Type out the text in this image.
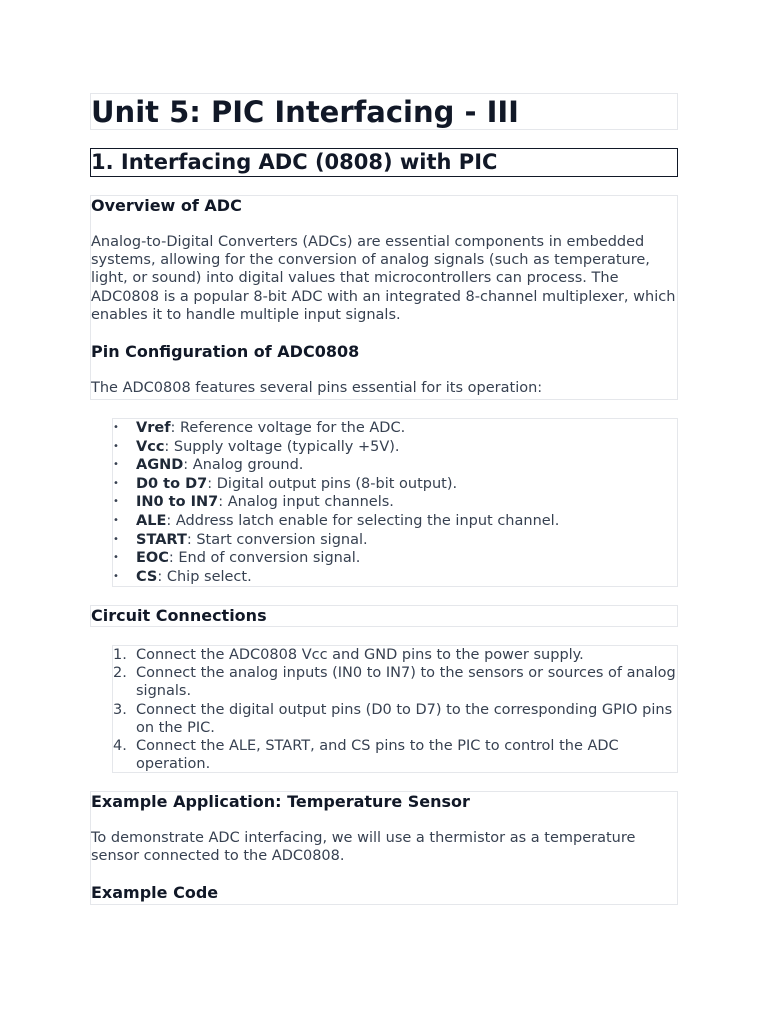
Unit 5: PIC Interfacing - III
1. Interfacing ADC (0808) with PIC
Overview of ADC

Analog-to-Digital Converters (ADCs) are essential components in embedded systems, allowing for the conversion of analog signals (such as temperature, light, or sound) into digital values that microcontrollers can process. The ADC0808 is a popular 8-bit ADC with an integrated 8-channel multiplexer, which enables it to handle multiple input signals.

Pin Configuration of ADC0808

The ADC0808 features several pins essential for its operation:

• Vref: Reference voltage for the ADC.
• Vcc: Supply voltage (typically +5V).
• AGND: Analog ground.
• D0 to D7: Digital output pins (8-bit output).
• IN0 to IN7: Analog input channels.
• ALE: Address latch enable for selecting the input channel.
• START: Start conversion signal.
• EOC: End of conversion signal.
• CS: Chip select.
Circuit Connections
1. Connect the ADC0808 Vcc and GND pins to the power supply.
2. Connect the analog inputs (IN0 to IN7) to the sensors or sources of analog signals.
3. Connect the digital output pins (D0 to D7) to the corresponding GPIO pins on the PIC.
4. Connect the ALE, START, and CS pins to the PIC to control the ADC operation.
Example Application: Temperature Sensor

To demonstrate ADC interfacing, we will use a thermistor as a temperature sensor connected to the ADC0808.

Example Code
